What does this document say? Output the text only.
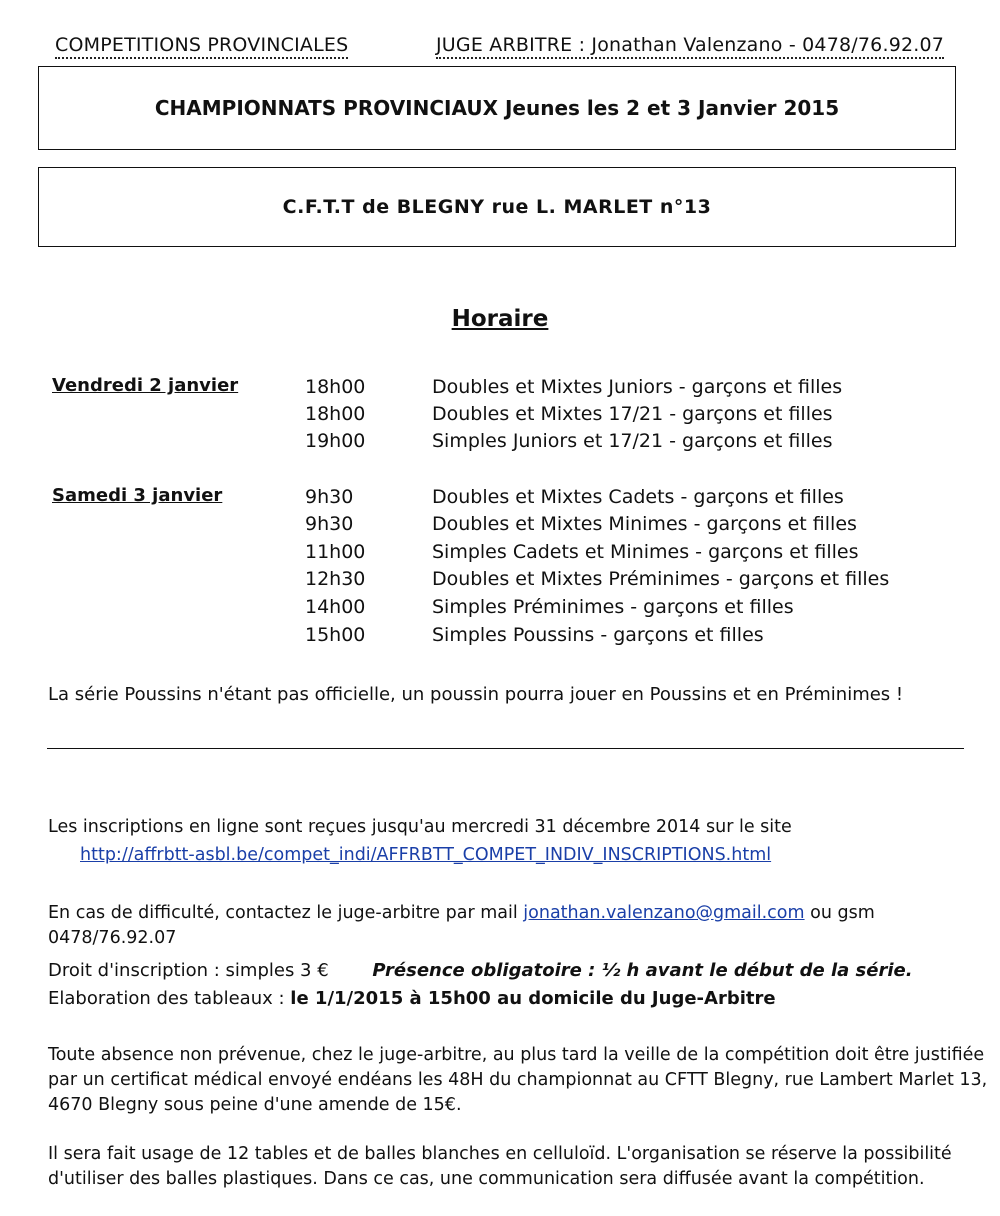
COMPETITIONS PROVINCIALES	JUGE ARBITRE : Jonathan Valenzano - 0478/76.92.07
CHAMPIONNATS PROVINCIAUX Jeunes les 2 et 3 Janvier 2015
C.F.T.T de BLEGNY rue L. MARLET n°13
Horaire
Vendredi 2 janvier	18h00	Doubles et Mixtes Juniors - garçons et filles
18h00	Doubles et Mixtes 17/21 - garçons et filles
19h00	Simples Juniors et 17/21 - garçons et filles
Samedi 3 janvier	9h30	Doubles et Mixtes Cadets - garçons et filles
9h30	Doubles et Mixtes Minimes - garçons et filles
11h00	Simples Cadets et Minimes - garçons et filles
12h30	Doubles et Mixtes Préminimes - garçons et filles
14h00	Simples Préminimes - garçons et filles
15h00	Simples Poussins - garçons et filles
La série Poussins n'étant pas officielle, un poussin pourra jouer en Poussins et en Préminimes !
Les inscriptions en ligne sont reçues jusqu'au mercredi 31 décembre 2014 sur le site
http://affrbtt-asbl.be/compet_indi/AFFRBTT_COMPET_INDIV_INSCRIPTIONS.html
En cas de difficulté, contactez le juge-arbitre par mail jonathan.valenzano@gmail.com ou gsm 0478/76.92.07
Droit d'inscription : simples 3 € Présence obligatoire : ½ h avant le début de la série.
Elaboration des tableaux : le 1/1/2015 à 15h00 au domicile du Juge-Arbitre
Toute absence non prévenue, chez le juge-arbitre, au plus tard la veille de la compétition doit être justifiée
par un certificat médical envoyé endéans les 48H du championnat au CFTT Blegny, rue Lambert Marlet 13,
4670 Blegny sous peine d'une amende de 15€.
Il sera fait usage de 12 tables et de balles blanches en celluloïd. L'organisation se réserve la possibilité
d'utiliser des balles plastiques. Dans ce cas, une communication sera diffusée avant la compétition.
